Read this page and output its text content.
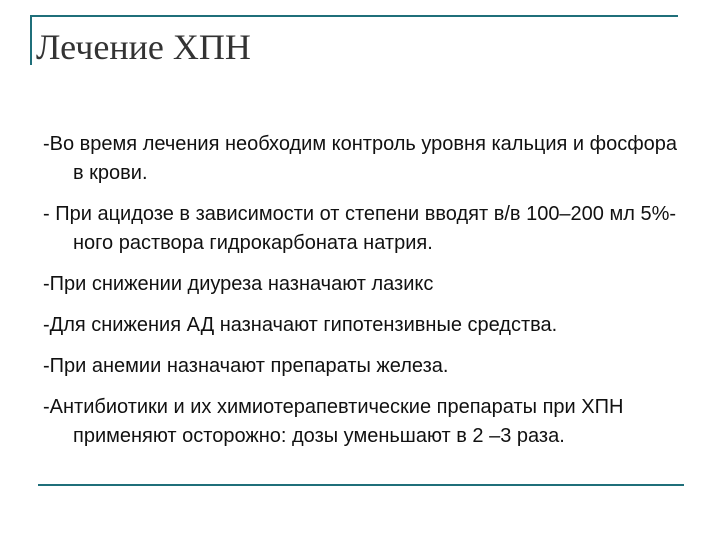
Лечение ХПН

-Во время лечения необходим контроль уровня кальция и фосфора в крови.

- При ацидозе в зависимости от степени вводят в/в 100–200 мл 5%-ного раствора гидрокарбоната натрия.

-При снижении диуреза назначают лазикс

-Для снижения АД назначают гипотензивные средства.

-При анемии назначают препараты железа.

-Антибиотики и их химиотерапевтические препараты при ХПН применяют осторожно: дозы уменьшают в 2 –3 раза.
